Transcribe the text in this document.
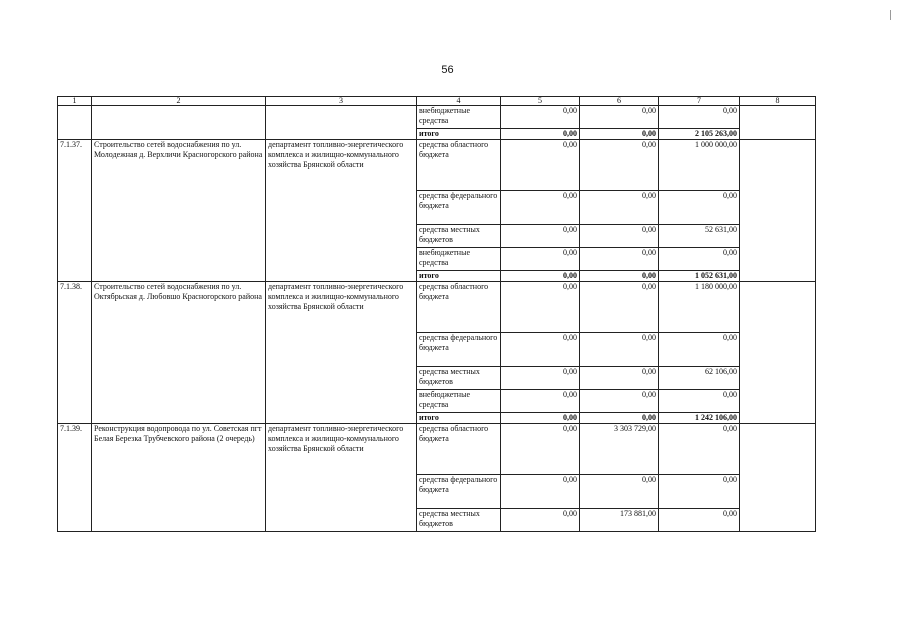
56
1	2	3	4	5	6	7	8
			внебюджетные средства	0,00	0,00	0,00	
			итого	0,00	0,00	2 105 263,00	
7.1.37.	Строительство сетей водоснабжения по ул. Молодежная д. Верхличи Красногорского района	департамент топливно-энергетического комплекса и жилищно-коммунального хозяйства Брянской области	средства областного бюджета	0,00	0,00	1 000 000,00	
			средства федерального бюджета	0,00	0,00	0,00	
			средства местных бюджетов	0,00	0,00	52 631,00	
			внебюджетные средства	0,00	0,00	0,00	
			итого	0,00	0,00	1 052 631,00	
7.1.38.	Строительство сетей водоснабжения по ул. Октябрьская д. Любовшо Красногорского района	департамент топливно-энергетического комплекса и жилищно-коммунального хозяйства Брянской области	средства областного бюджета	0,00	0,00	1 180 000,00	
			средства федерального бюджета	0,00	0,00	0,00	
			средства местных бюджетов	0,00	0,00	62 106,00	
			внебюджетные средства	0,00	0,00	0,00	
			итого	0,00	0,00	1 242 106,00	
7.1.39.	Реконструкция водопровода по ул. Советская пгт Белая Березка Трубчевского района (2 очередь)	департамент топливно-энергетического комплекса и жилищно-коммунального хозяйства Брянской области	средства областного бюджета	0,00	3 303 729,00	0,00	
			средства федерального бюджета	0,00	0,00	0,00	
			средства местных бюджетов	0,00	173 881,00	0,00	
